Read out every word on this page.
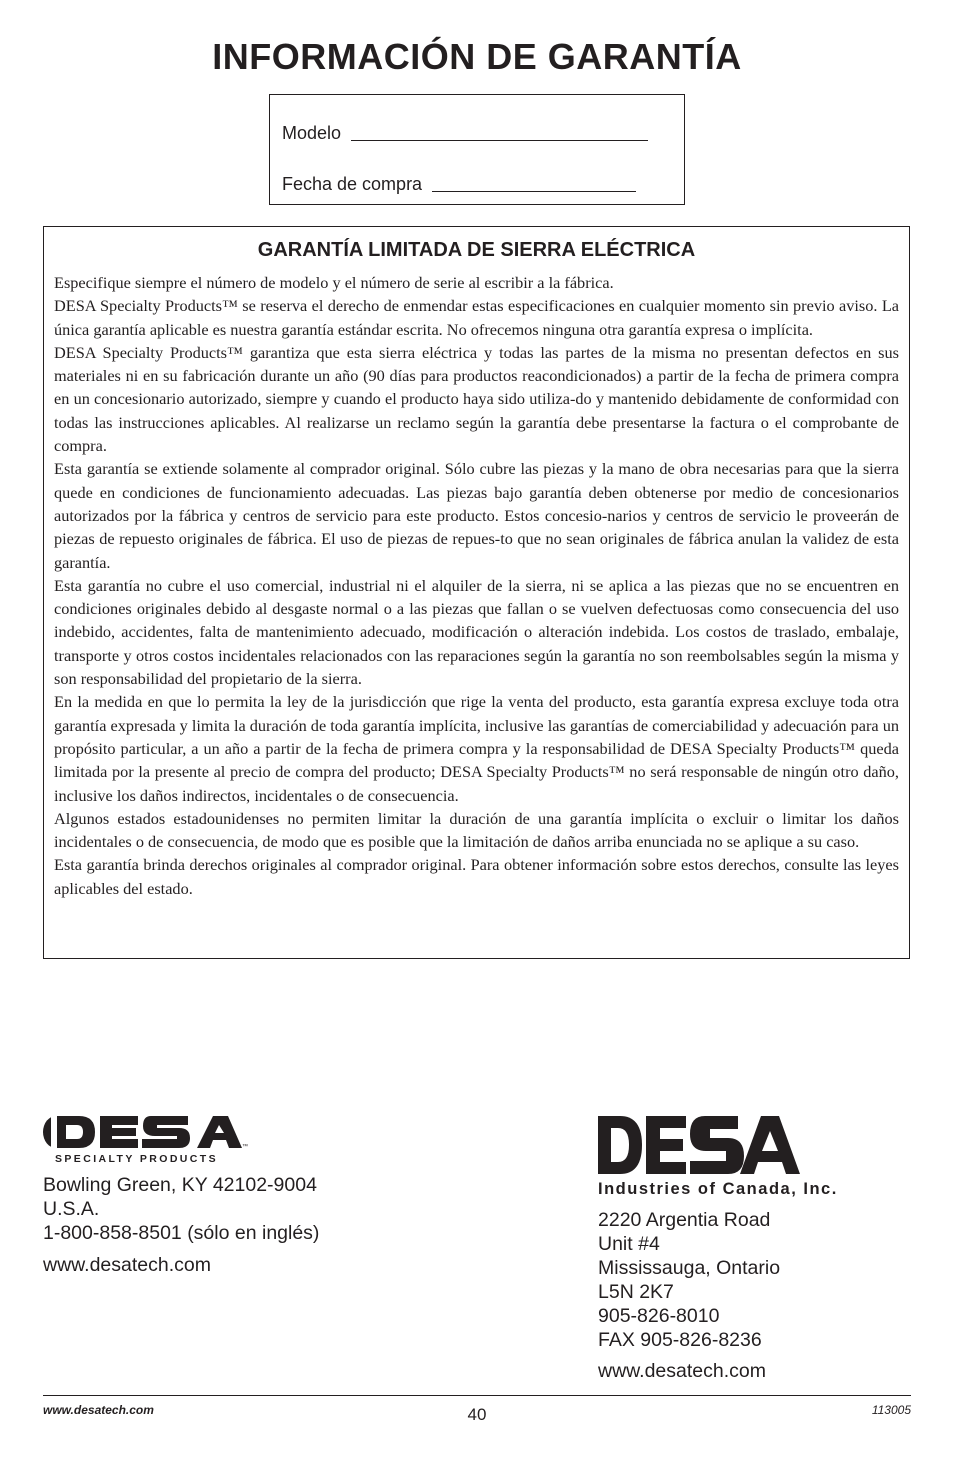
INFORMACIÓN DE GARANTÍA
Modelo
Fecha de compra
GARANTÍA LIMITADA DE SIERRA ELÉCTRICA

Especifique siempre el número de modelo y el número de serie al escribir a la fábrica.

DESA Specialty Products™ se reserva el derecho de enmendar estas especificaciones en cualquier momento sin previo aviso. La única garantía aplicable es nuestra garantía estándar escrita. No ofrecemos ninguna otra garantía expresa o implícita.

DESA Specialty Products™ garantiza que esta sierra eléctrica y todas las partes de la misma no presentan defectos en sus materiales ni en su fabricación durante un año (90 días para productos reacondicionados) a partir de la fecha de primera compra en un concesionario autorizado, siempre y cuando el producto haya sido utiliza-do y mantenido debidamente de conformidad con todas las instrucciones aplicables. Al realizarse un reclamo según la garantía debe presentarse la factura o el comprobante de compra.

Esta garantía se extiende solamente al comprador original. Sólo cubre las piezas y la mano de obra necesarias para que la sierra quede en condiciones de funcionamiento adecuadas. Las piezas bajo garantía deben obtenerse por medio de concesionarios autorizados por la fábrica y centros de servicio para este producto. Estos concesio-narios y centros de servicio le proveerán de piezas de repuesto originales de fábrica. El uso de piezas de repues-to que no sean originales de fábrica anulan la validez de esta garantía.

Esta garantía no cubre el uso comercial, industrial ni el alquiler de la sierra, ni se aplica a las piezas que no se encuentren en condiciones originales debido al desgaste normal o a las piezas que fallan o se vuelven defectuosas como consecuencia del uso indebido, accidentes, falta de mantenimiento adecuado, modificación o alteración indebida. Los costos de traslado, embalaje, transporte y otros costos incidentales relacionados con las reparaciones según la garantía no son reembolsables según la misma y son responsabilidad del propietario de la sierra.

En la medida en que lo permita la ley de la jurisdicción que rige la venta del producto, esta garantía expresa excluye toda otra garantía expresada y limita la duración de toda garantía implícita, inclusive las garantías de comerciabilidad y adecuación para un propósito particular, a un año a partir de la fecha de primera compra y la responsabilidad de DESA Specialty Products™ queda limitada por la presente al precio de compra del producto; DESA Specialty Products™ no será responsable de ningún otro daño, inclusive los daños indirectos, incidentales o de consecuencia.

Algunos estados estadounidenses no permiten limitar la duración de una garantía implícita o excluir o limitar los daños incidentales o de consecuencia, de modo que es posible que la limitación de daños arriba enunciada no se aplique a su caso.

Esta garantía brinda derechos originales al comprador original. Para obtener información sobre estos derechos, consulte las leyes aplicables del estado.

™
SPECIALTY PRODUCTS
Bowling Green, KY 42102-9004
U.S.A.
1-800-858-8501 (sólo en inglés)
www.desatech.com
Industries of Canada, Inc.
2220 Argentia Road
Unit #4
Mississauga, Ontario
L5N 2K7
905-826-8010
FAX 905-826-8236
www.desatech.com
www.desatech.com	40	113005
